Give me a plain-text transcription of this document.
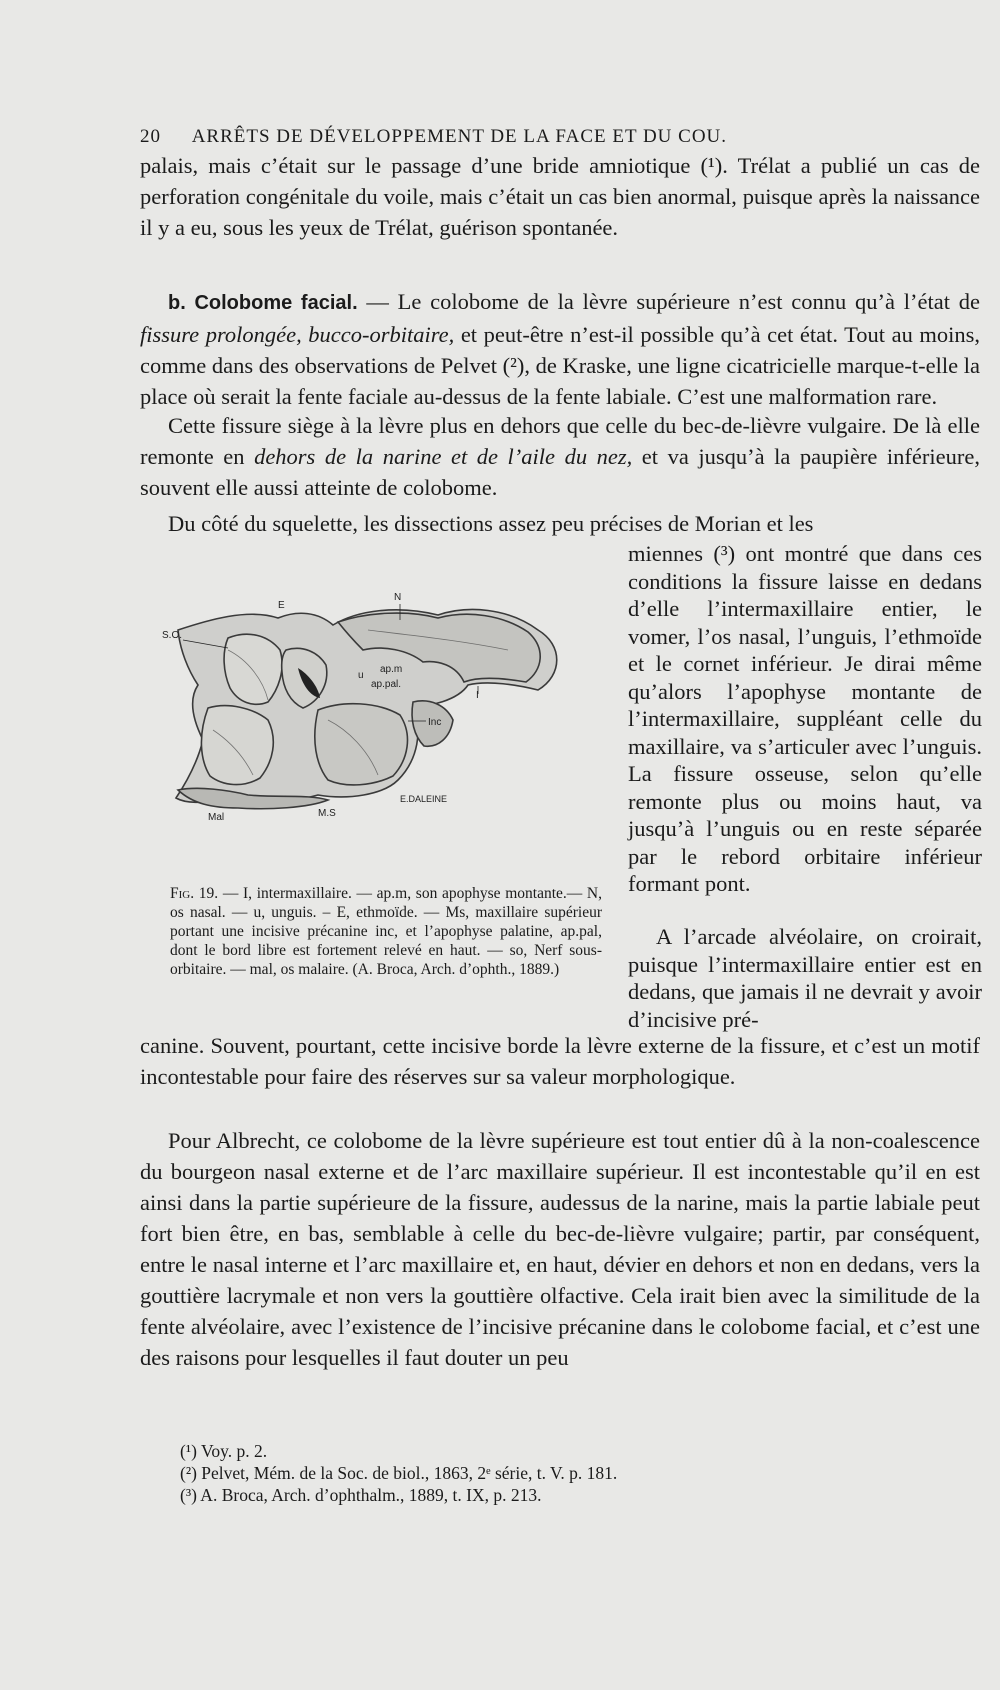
20 ARRÊTS DE DÉVELOPPEMENT DE LA FACE ET DU COU.
palais, mais c’était sur le passage d’une bride amniotique (¹). Trélat a publié un cas de perforation congénitale du voile, mais c’était un cas bien anormal, puisque après la naissance il y a eu, sous les yeux de Trélat, guérison spontanée.
b. Colobome facial. — Le colobome de la lèvre supérieure n’est connu qu’à l’état de fissure prolongée, bucco-orbitaire, et peut-être n’est-il possible qu’à cet état. Tout au moins, comme dans des observations de Pelvet (²), de Kraske, une ligne cicatricielle marque-t-elle la place où serait la fente faciale au-dessus de la fente labiale. C’est une malformation rare.
Cette fissure siège à la lèvre plus en dehors que celle du bec-de-lièvre vulgaire. De là elle remonte en dehors de la narine et de l’aile du nez, et va jusqu’à la paupière inférieure, souvent elle aussi atteinte de colobome.
Du côté du squelette, les dissections assez peu précises de Morian et les
miennes (³) ont montré que dans ces conditions la fissure laisse en dedans d’elle l’intermaxillaire entier, le vomer, l’os nasal, l’unguis, l’ethmoïde et le cornet inférieur. Je dirai même qu’alors l’apophyse montante de l’intermaxillaire, suppléant celle du maxillaire, va s’articuler avec l’unguis. La fissure osseuse, selon qu’elle remonte plus ou moins haut, va jusqu’à l’unguis ou en reste séparée par le rebord orbitaire inférieur formant pont.
A l’arcade alvéolaire, on croirait, puisque l’intermaxillaire entier est en dedans, que jamais il ne devrait y avoir d’incisive pré-
canine. Souvent, pourtant, cette incisive borde la lèvre externe de la fissure, et c’est un motif incontestable pour faire des réserves sur sa valeur morphologique.
Pour Albrecht, ce colobome de la lèvre supérieure est tout entier dû à la non-coalescence du bourgeon nasal externe et de l’arc maxillaire supérieur. Il est incontestable qu’il en est ainsi dans la partie supérieure de la fissure, audessus de la narine, mais la partie labiale peut fort bien être, en bas, semblable à celle du bec-de-lièvre vulgaire; partir, par conséquent, entre le nasal interne et l’arc maxillaire et, en haut, dévier en dehors et non en dedans, vers la gouttière lacrymale et non vers la gouttière olfactive. Cela irait bien avec la similitude de la fente alvéolaire, avec l’existence de l’incisive précanine dans le colobome facial, et c’est une des raisons pour lesquelles il faut douter un peu
N
E
S.O.
u
ap.m
ap.pal.
I
Inc
Mal	M.S
E.DALEINE
Fig. 19. — I, intermaxillaire. — ap.m, son apophyse montante.— N, os nasal. — u, unguis. – E, ethmoïde. — Ms, maxillaire supérieur portant une incisive précanine inc, et l’apophyse palatine, ap.pal, dont le bord libre est fortement relevé en haut. — so, Nerf sous-orbitaire. — mal, os malaire. (A. Broca, Arch. d’ophth., 1889.)
(¹) Voy. p. 2.
(²) Pelvet, Mém. de la Soc. de biol., 1863, 2ᵉ série, t. V. p. 181.
(³) A. Broca, Arch. d’ophthalm., 1889, t. IX, p. 213.
